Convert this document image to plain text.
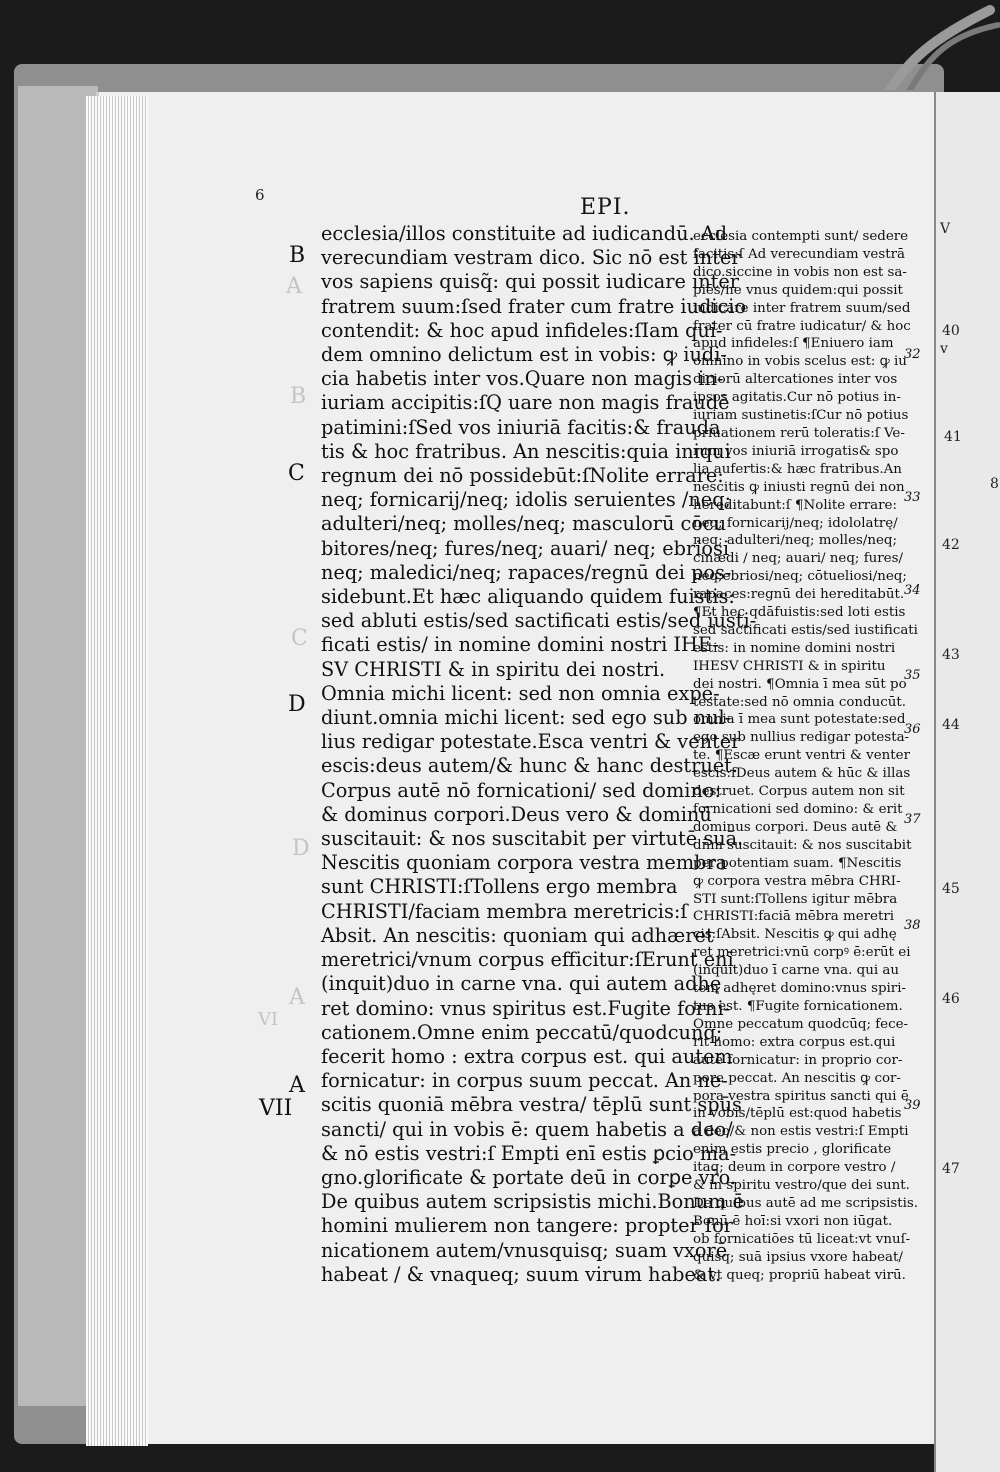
V
v
40
41
8
42
43
44
45
46
47
6	EPI.
A
B
C
D
A
VI
B
C
D
A
VII
ecclesia/illos constituite ad iudicandū. Ad
verecundiam vestram dico. Sic nō est inter
vos sapiens quisq̃: qui possit iudicare inter
fratrem suum:ſsed frater cum fratre iudicio
contendit: & hoc apud infideles:ſIam qui-
dem omnino delictum est in vobis: ꝙ iudi-
cia habetis inter vos.Quare non magis in-
iuriam accipitis:ſQ uare non magis fraudē
patimini:ſSed vos iniuriā facitis:& frauda
tis & hoc fratribus. An nescitis:quia iniqui
regnum dei nō possidebūt:ſNolite errare:
neq; fornicarij/neq; idolis seruientes /neq;
adulteri/neq; molles/neq; masculorū cōcu
bitores/neq; fures/neq; auari/ neq; ebriosi
neq; maledici/neq; rapaces/regnū dei pos-
sidebunt.Et hæc aliquando quidem fuistis:
sed abluti estis/sed sactificati estis/sed iusti-
ficati estis/ in nomine domini nostri IHE-
SV CHRISTI & in spiritu dei nostri.
Omnia michi licent: sed non omnia expe-
diunt.omnia michi licent: sed ego sub nul-
lius redigar potestate.Esca ventri & venter
escis:deus autem/& hunc & hanc destruet.
Corpus autē nō fornicationi/ sed domino:
& dominus corpori.Deus vero & dominū
suscitauit: & nos suscitabit per virtutē suā.
Nescitis quoniam corpora vestra membra
sunt CHRISTI:ſTollens ergo membra
CHRISTI/faciam membra meretricis:ſ
Absit. An nescitis: quoniam qui adhæret
meretrici/vnum corpus efficitur:ſErunt enī
(inquit)duo in carne vna. qui autem adhę
ret domino: vnus spiritus est.Fugite forni-
cationem.Omne enim peccatū/quodcunq;
fecerit homo : extra corpus est. qui autem
fornicatur: in corpus suum peccat. An ne-
scitis quoniā mēbra vestra/ tēplū sunt spūs
sancti/ qui in vobis ē: quem habetis a deo/
& nō estis vestri:ſ Empti enī estis ꝑcio ma-
gno.glorificate & portate deū in corꝑe vr̄o.
De quibus autem scripsistis michi.Bonum ē
homini mulierem non tangere: propter for
nicationem autem/vnusquisq; suam vxorē
habeat / & vnaqueq; suum virum habeat.
ecclesia contempti sunt/ sedere
facitis:ſ Ad verecundiam vestrā
dico.siccine in vobis non est sa-
piēs/ne vnus quidem:qui possit
iudicare inter fratrem suum/sed
frater cū fratre iudicatur/ & hoc
apud infideles:ſ ¶Eniuero iam
omnino in vobis scelus est: ꝙ iu
diciorū altercationes inter vos
ipsos agitatis.Cur nō potius in-
iuriam sustinetis:ſCur nō potius
priuationem rerū toleratis:ſ Ve-
rum vos iniuriā irrogatis& spo
lia aufertis:& hæc fratribus.An
nescitis ꝙ iniusti regnū dei non
hereditabunt:ſ ¶Nolite errare:
neq; fornicarij/neq; idololatrę/
neq; adulteri/neq; molles/neq;
cinædi / neq; auari/ neq; fures/
neq;ebriosi/neq; cōtueliosi/neq;
rapaces:regnū dei hereditabūt.
¶Et hec qdāfuistis:sed loti estis
sed sactificati estis/sed iustificati
estis: in nomine domini nostri
IHESV CHRISTI & in spiritu
dei nostri. ¶Omnia ī mea sūt po
testate:sed nō omnia conducūt.
omnia ī mea sunt potestate:sed
ego sub nullius redigar potesta-
te. ¶Escæ erunt ventri & venter
escis:ſDeus autem & hūc & illas
destruet. Corpus autem non sit
fornicationi sed domino: & erit
dominus corpori. Deus autē &
dn̄m suscitauit: & nos suscitabit
per potentiam suam. ¶Nescitis
ꝙ corpora vestra mēbra CHRI-
STI sunt:ſTollens igitur mēbra
CHRISTI:faciā mēbra meretri
cis:ſAbsit. Nescitis ꝙ qui adhę
ret meretrici:vnū corpꝰ ē:erūt ei
(inquit)duo ī carne vna. qui au
tem adhęret domino:vnus spiri-
tus est. ¶Fugite fornicationem.
Omne peccatum quodcūq; fece-
rit homo: extra corpus est.qui
autē fornicatur: in proprio cor-
pore peccat. An nescitis ꝙ cor-
pora vestra spiritus sancti qui ē
in vobis/tēplū est:quod habetis
a deo/& non estis vestri:ſ Empti
enim estis precio , glorificate
itaq; deum in corpore vestro /
& in spiritu vestro/que dei sunt.
De quibus autē ad me scripsistis.
Bonū ē hoī:si vxori non iūgat.
ob fornicatiōes tū liceat:vt vnuſ-
quisq; suā ipsius vxore habeat/
& vt queq; propriū habeat virū.
32
33
34
35
36
37
38
39
